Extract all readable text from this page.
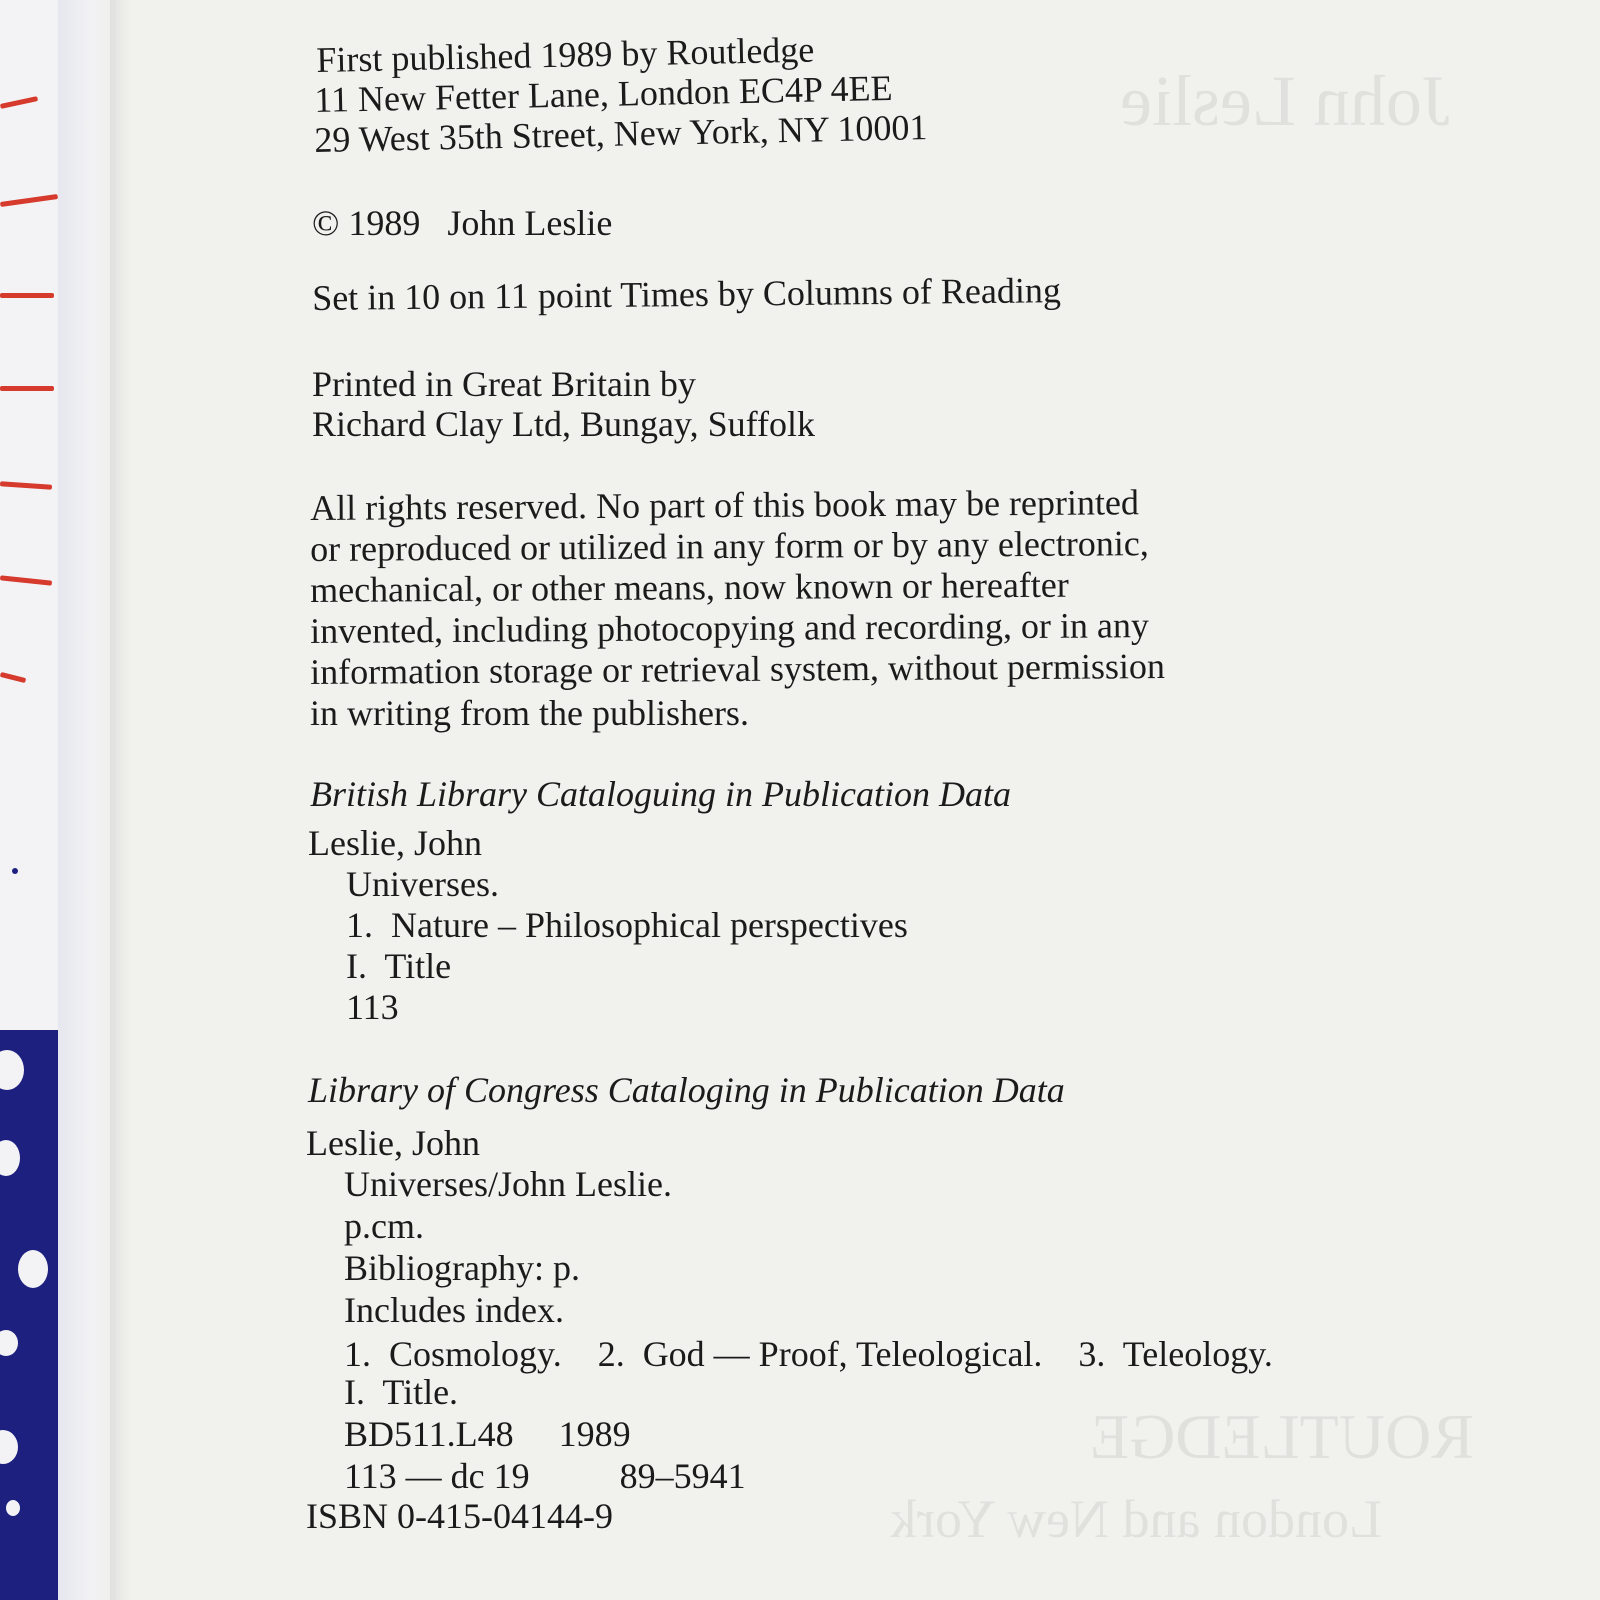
John Leslie
ROUTLEDGE
London and New York
First published 1989 by Routledge
11 New Fetter Lane, London EC4P 4EE
29 West 35th Street, New York, NY 10001
© 1989   John Leslie
Set in 10 on 11 point Times by Columns of Reading
Printed in Great Britain by
Richard Clay Ltd, Bungay, Suffolk
All rights reserved. No part of this book may be reprinted
or reproduced or utilized in any form or by any electronic,
mechanical, or other means, now known or hereafter
invented, including photocopying and recording, or in any
information storage or retrieval system, without permission
in writing from the publishers.
British Library Cataloguing in Publication Data
Leslie, John
Universes.
1.  Nature – Philosophical perspectives
I.  Title
113
Library of Congress Cataloging in Publication Data
Leslie, John
Universes/John Leslie.
p.cm.
Bibliography: p.
Includes index.
1.  Cosmology.    2.  God — Proof, Teleological.    3.  Teleology.
I.  Title.
BD511.L48     1989
113 — dc 19          89–5941
ISBN 0-415-04144-9
